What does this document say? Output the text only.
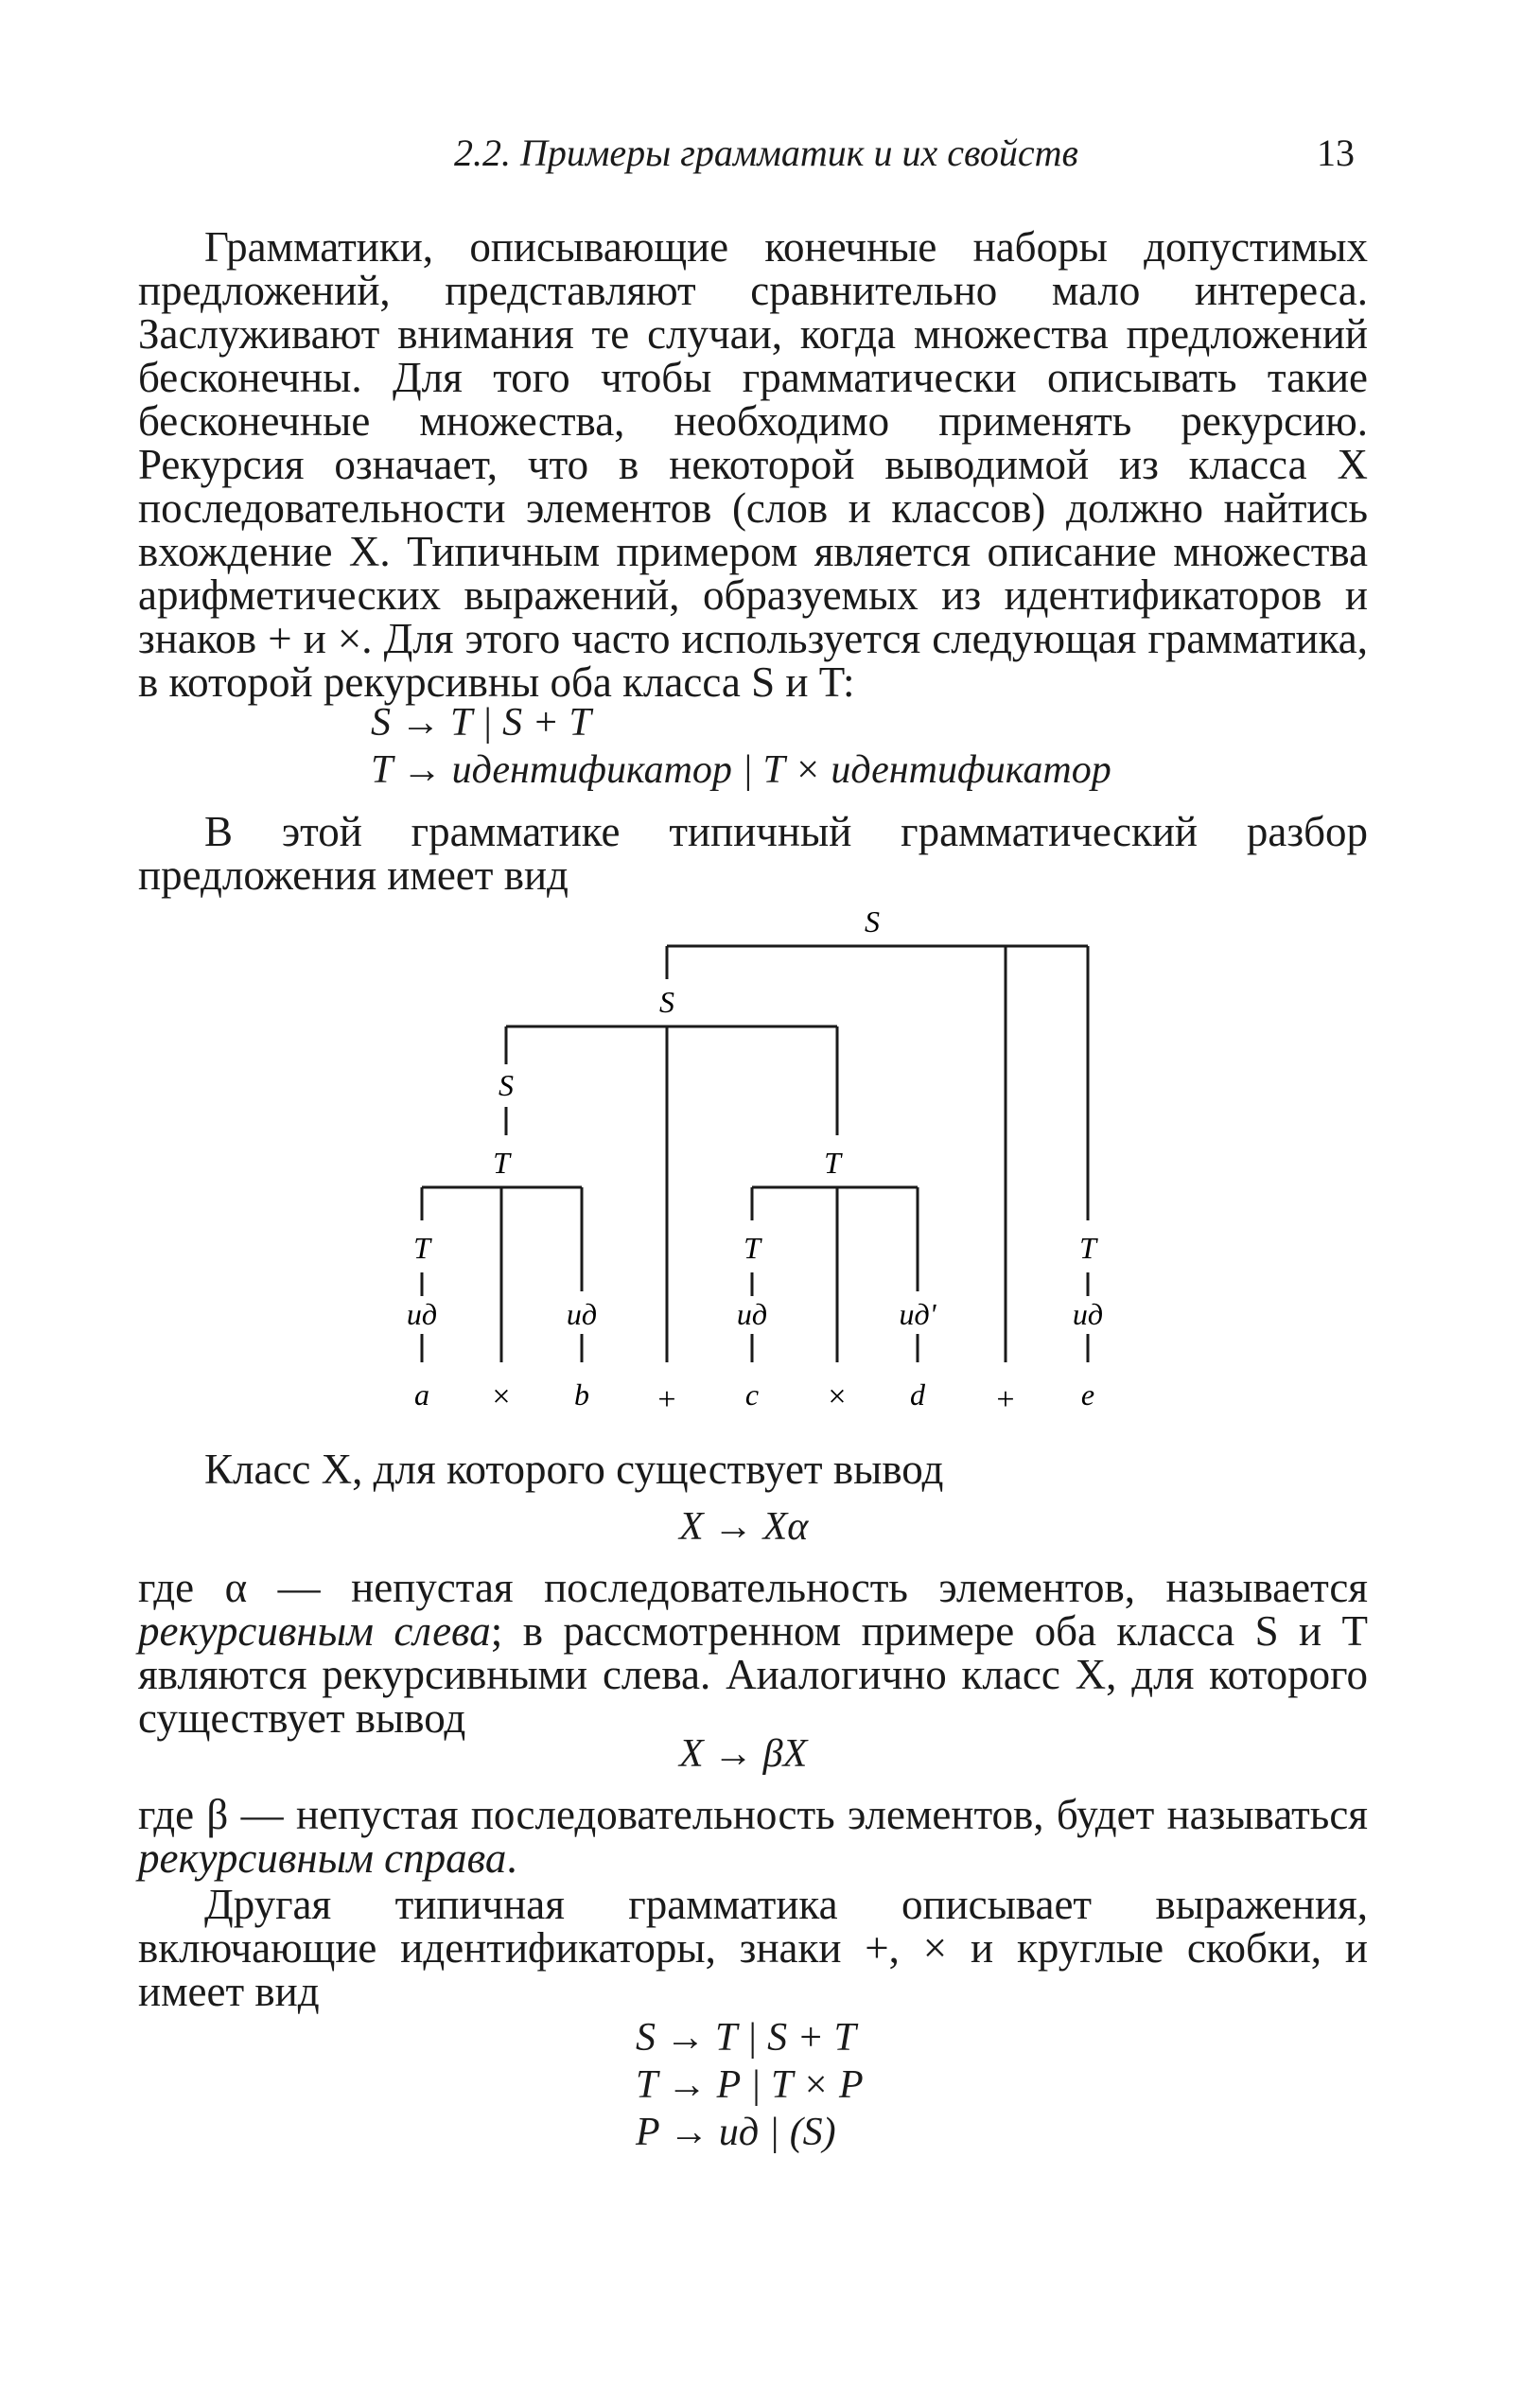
2.2. Примеры грамматик и их свойств	13
Грамматики, описывающие конечные наборы допустимых предложений, представляют сравнительно мало интереса. Заслуживают внимания те случаи, когда множества предложений бесконечны. Для того чтобы грамматически описывать такие бесконечные множества, необходимо применять рекурсию. Рекурсия означает, что в некоторой выводимой из класса X последовательности элементов (слов и классов) должно найтись вхождение X. Типичным примером является описание множества арифметических выражений, образуемых из идентификаторов и знаков + и ×. Для этого часто используется следующая грамматика, в которой рекурсивны оба класса S и T:
S → T | S + T
T → идентификатор | T × идентификатор
В этой грамматике типичный грамматический разбор предложения имеет вид
S
S
S
T	T
T	T	T
ид	ид	ид	ид'	ид
a × b + c × d + e
Класс X, для которого существует вывод
X → Xα
где α — непустая последовательность элементов, называется рекурсивным слева; в рассмотренном примере оба класса S и T являются рекурсивными слева. Аиалогично класс X, для которого существует вывод
X → βX
где β — непустая последовательность элементов, будет называться рекурсивным справа.
Другая типичная грамматика описывает выражения, включающие идентификаторы, знаки +, × и круглые скобки, и имеет вид
S → T | S + T
T → P | T × P
P → ид | (S)
